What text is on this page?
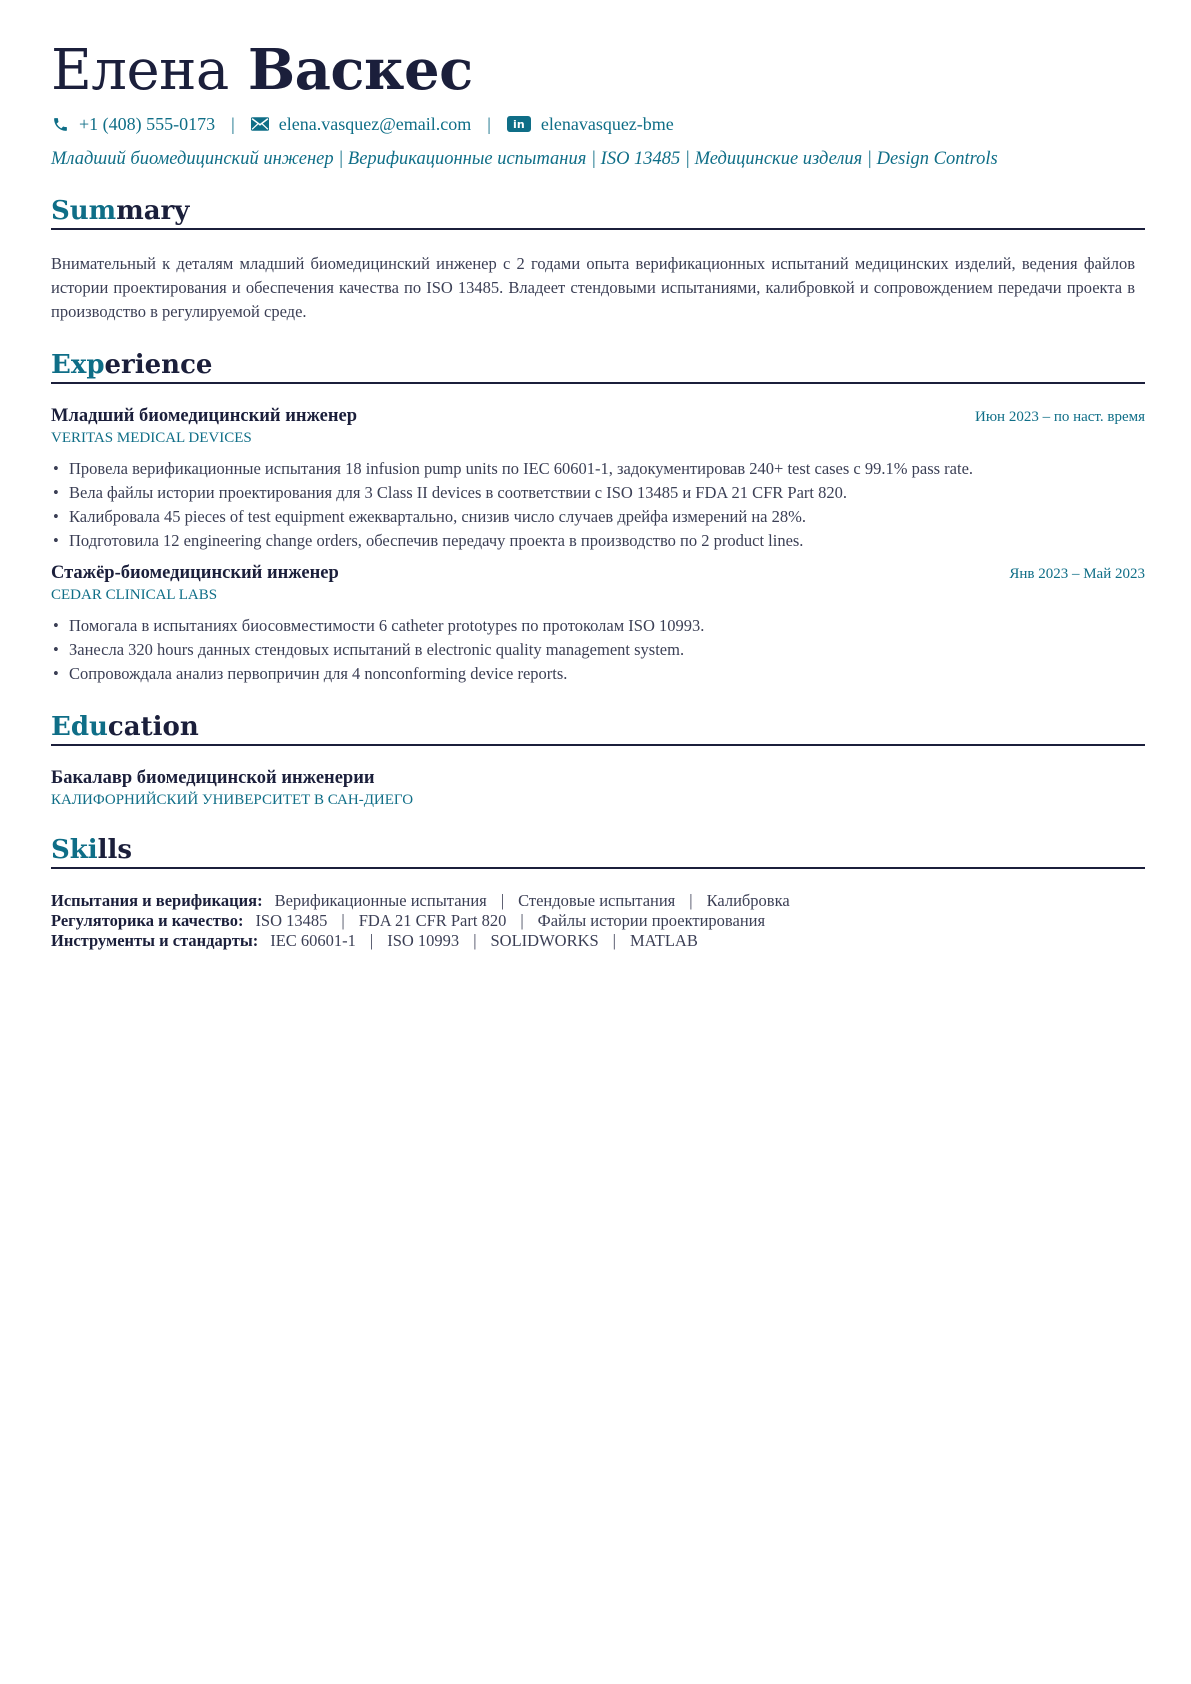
Елена Васкес
+1 (408) 555-0173 | elena.vasquez@email.com |	in elenavasquez-bme
Младший биомедицинский инженер | Верификационные испытания | ISO 13485 | Медицинские изделия | Design Controls
Summary
Внимательный к деталям младший биомедицинский инженер с 2 годами опыта верификационных испытаний медицинских изделий, ведения файлов истории проектирования и обеспечения качества по ISO 13485. Владеет стендовыми испытаниями, калибровкой и сопровождением передачи проекта в производство в регулируемой среде.
Experience
Младший биомедицинский инженер	Июн 2023 – по наст. время
VERITAS MEDICAL DEVICES
• Провела верификационные испытания 18 infusion pump units по IEC 60601-1, задокументировав 240+ test cases с 99.1% pass rate.
• Вела файлы истории проектирования для 3 Class II devices в соответствии с ISO 13485 и FDA 21 CFR Part 820.
• Калибровала 45 pieces of test equipment ежеквартально, снизив число случаев дрейфа измерений на 28%.
• Подготовила 12 engineering change orders, обеспечив передачу проекта в производство по 2 product lines.
Стажёр-биомедицинский инженер	Янв 2023 – Май 2023
CEDAR CLINICAL LABS
• Помогала в испытаниях биосовместимости 6 catheter prototypes по протоколам ISO 10993.
• Занесла 320 hours данных стендовых испытаний в electronic quality management system.
• Сопровождала анализ первопричин для 4 nonconforming device reports.
Education
Бакалавр биомедицинской инженерии
КАЛИФОРНИЙСКИЙ УНИВЕРСИТЕТ В САН-ДИЕГО
Skills
Испытания и верификация: Верификационные испытания | Стендовые испытания | Калибровка
Регуляторика и качество: ISO 13485 | FDA 21 CFR Part 820 | Файлы истории проектирования
Инструменты и стандарты: IEC 60601-1 | ISO 10993 | SOLIDWORKS | MATLAB
